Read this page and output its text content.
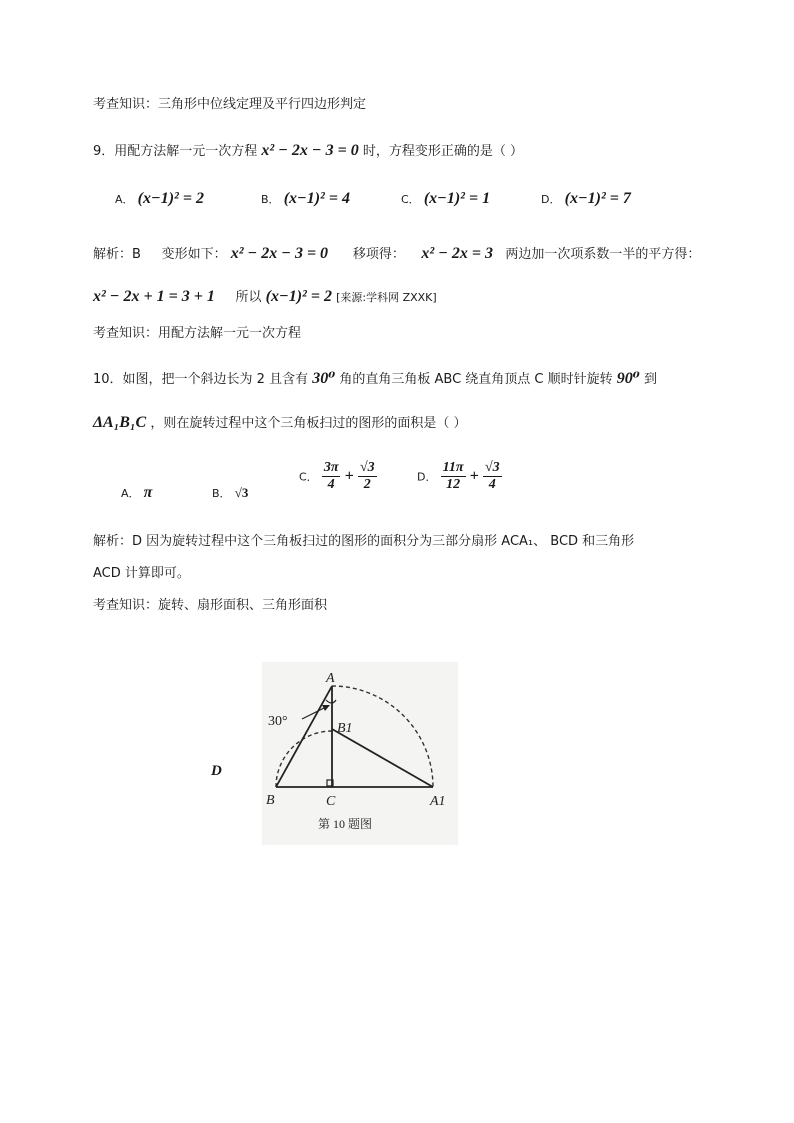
考查知识：三角形中位线定理及平行四边形判定
9．用配方法解一元一次方程 x² − 2x − 3 = 0 时，方程变形正确的是（ ）
A． (x−1)² = 2	B． (x−1)² = 4	C． (x−1)² = 1	D． (x−1)² = 7
解析：B 变形如下： x² − 2x − 3 = 0 移项得： x² − 2x = 3 两边加一次项系数一半的平方得：
x² − 2x + 1 = 3 + 1 所以 (x−1)² = 2 [来源:学科网 ZXXK]
考查知识：用配方法解一元一次方程
10．如图，把一个斜边长为 2 且含有 30⁰ 角的直角三角板 ABC 绕直角顶点 C 顺时针旋转 90⁰ 到
ΔA₁B₁C ，则在旋转过程中这个三角板扫过的图形的面积是（ ）
A． π	B． √3
C． $\frac{3\pi}{4} + \frac{√3}{2}$	D． $\frac{11\pi}{12} + \frac{√3}{4}$
解析：D 因为旋转过程中这个三角板扫过的图形的面积分为三部分扇形 ACA₁、 BCD 和三角形
ACD 计算即可。
考查知识：旋转、扇形面积、三角形面积
D
A
B1
B	C	A1
30°
第 10 题图
